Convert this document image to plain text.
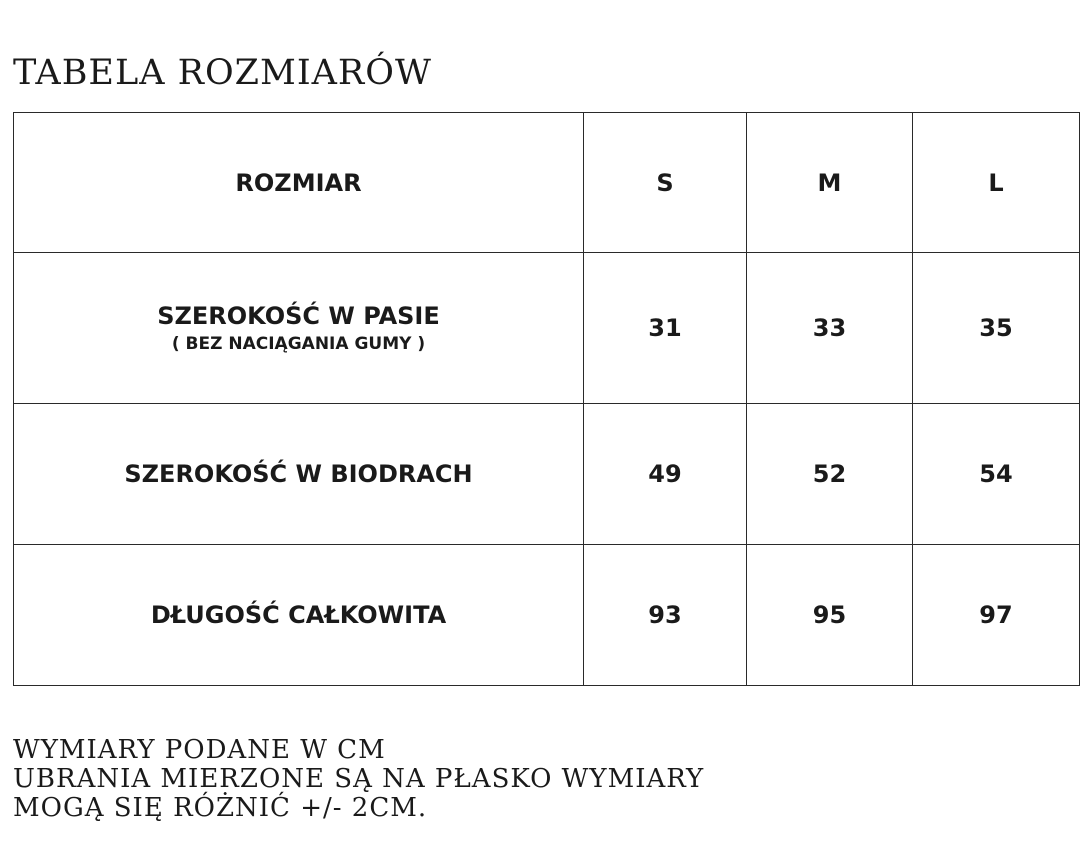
TABELA ROZMIARÓW
ROZMIAR	S	M	L

SZEROKOŚĆ W PASIE
( BEZ NACIĄGANIA GUMY )	31	33	35

SZEROKOŚĆ W BIODRACH	49	52	54

DŁUGOŚĆ CAŁKOWITA	93	95	97
WYMIARY PODANE W CM
UBRANIA MIERZONE SĄ NA PŁASKO WYMIARY
MOGĄ SIĘ RÓŻNIĆ +/- 2CM.
